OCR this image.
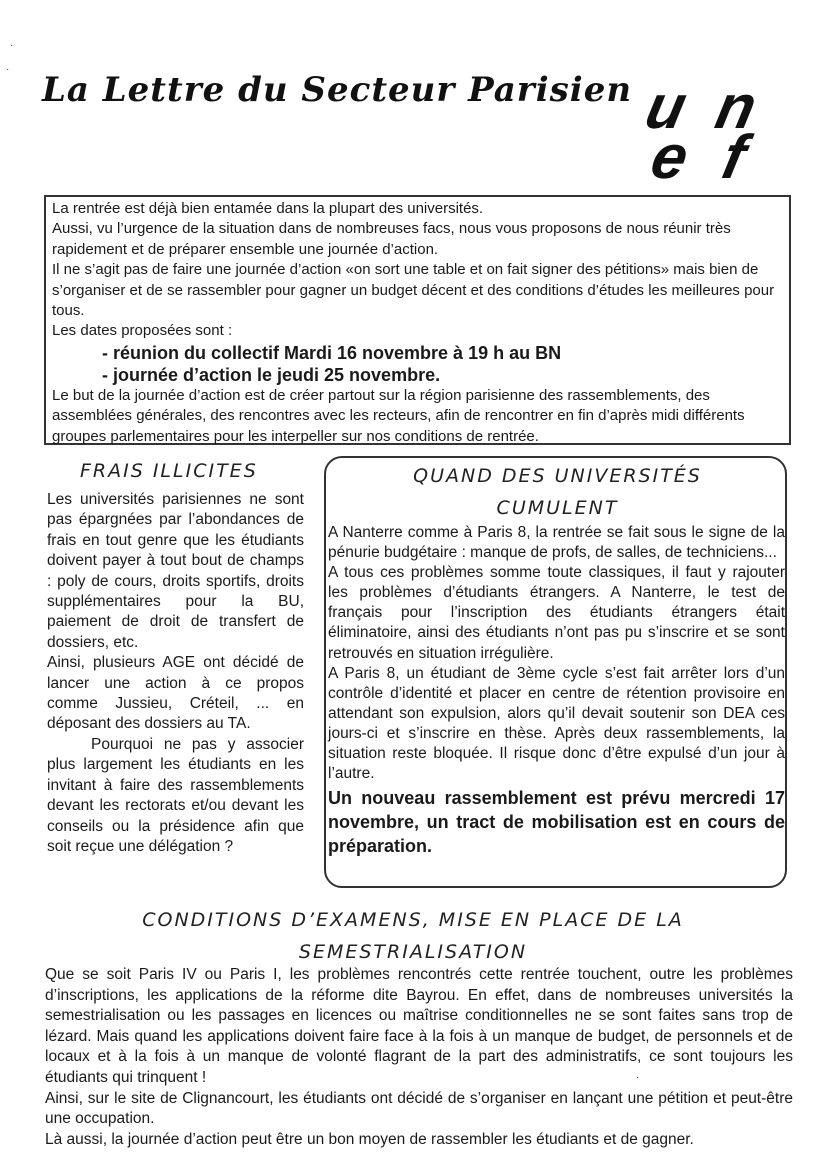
La Lettre du Secteur Parisien un
ef

La rentrée est déjà bien entamée dans la plupart des universités.

Aussi, vu l’urgence de la situation dans de nombreuses facs, nous vous proposons de nous réunir très rapidement et de préparer ensemble une journée d’action.

Il ne s’agit pas de faire une journée d’action «on sort une table et on fait signer des pétitions» mais bien de s’organiser et de se rassembler pour gagner un budget décent et des conditions d’études les meilleures pour tous.

Les dates proposées sont :

- réunion du collectif Mardi 16 novembre à 19 h au BN

- journée d’action le jeudi 25 novembre.

Le but de la journée d’action est de créer partout sur la région parisienne des rassemblements, des assemblées générales, des rencontres avec les recteurs, afin de rencontrer en fin d’après midi différents groupes parlementaires pour les interpeller sur nos conditions de rentrée.

FRAIS ILLICITES

Les universités parisiennes ne sont pas épargnées par l’abondances de frais en tout genre que les étudiants doivent payer à tout bout de champs : poly de cours, droits sportifs, droits supplémentaires pour la BU, paiement de droit de transfert de dossiers, etc.

Ainsi, plusieurs AGE ont décidé de lancer une action à ce propos comme Jussieu, Créteil, ... en déposant des dossiers au TA.

Pourquoi ne pas y associer plus largement les étudiants en les invitant à faire des rassemblements devant les rectorats et/ou devant les conseils ou la présidence afin que soit reçue une délégation ?

QUAND DES UNIVERSITÉS
CUMULENT

A Nanterre comme à Paris 8, la rentrée se fait sous le signe de la pénurie budgétaire : manque de profs, de salles, de techniciens...

A tous ces problèmes somme toute classiques, il faut y rajouter les problèmes d’étudiants étrangers. A Nanterre, le test de français pour l’inscription des étudiants étrangers était éliminatoire, ainsi des étudiants n’ont pas pu s’inscrire et se sont retrouvés en situation irrégulière.

A Paris 8, un étudiant de 3ème cycle s’est fait arrêter lors d’un contrôle d’identité et placer en centre de rétention provisoire en attendant son expulsion, alors qu’il devait soutenir son DEA ces jours-ci et s’inscrire en thèse. Après deux rassemblements, la situation reste bloquée. Il risque donc d’être expulsé d’un jour à l’autre.

Un nouveau rassemblement est prévu mercredi 17 novembre, un tract de mobilisation est en cours de préparation.

CONDITIONS D’EXAMENS, MISE EN PLACE DE LA
SEMESTRIALISATION

Que se soit Paris IV ou Paris I, les problèmes rencontrés cette rentrée touchent, outre les problèmes d’inscriptions, les applications de la réforme dite Bayrou. En effet, dans de nombreuses universités la semestrialisation ou les passages en licences ou maîtrise conditionnelles ne se sont faites sans trop de lézard. Mais quand les applications doivent faire face à la fois à un manque de budget, de personnels et de locaux et à la fois à un manque de volonté flagrant de la part des administratifs, ce sont toujours les étudiants qui trinquent !

Ainsi, sur le site de Clignancourt, les étudiants ont décidé de s’organiser en lançant une pétition et peut-être une occupation.

Là aussi, la journée d’action peut être un bon moyen de rassembler les étudiants et de gagner.

·
·
·
